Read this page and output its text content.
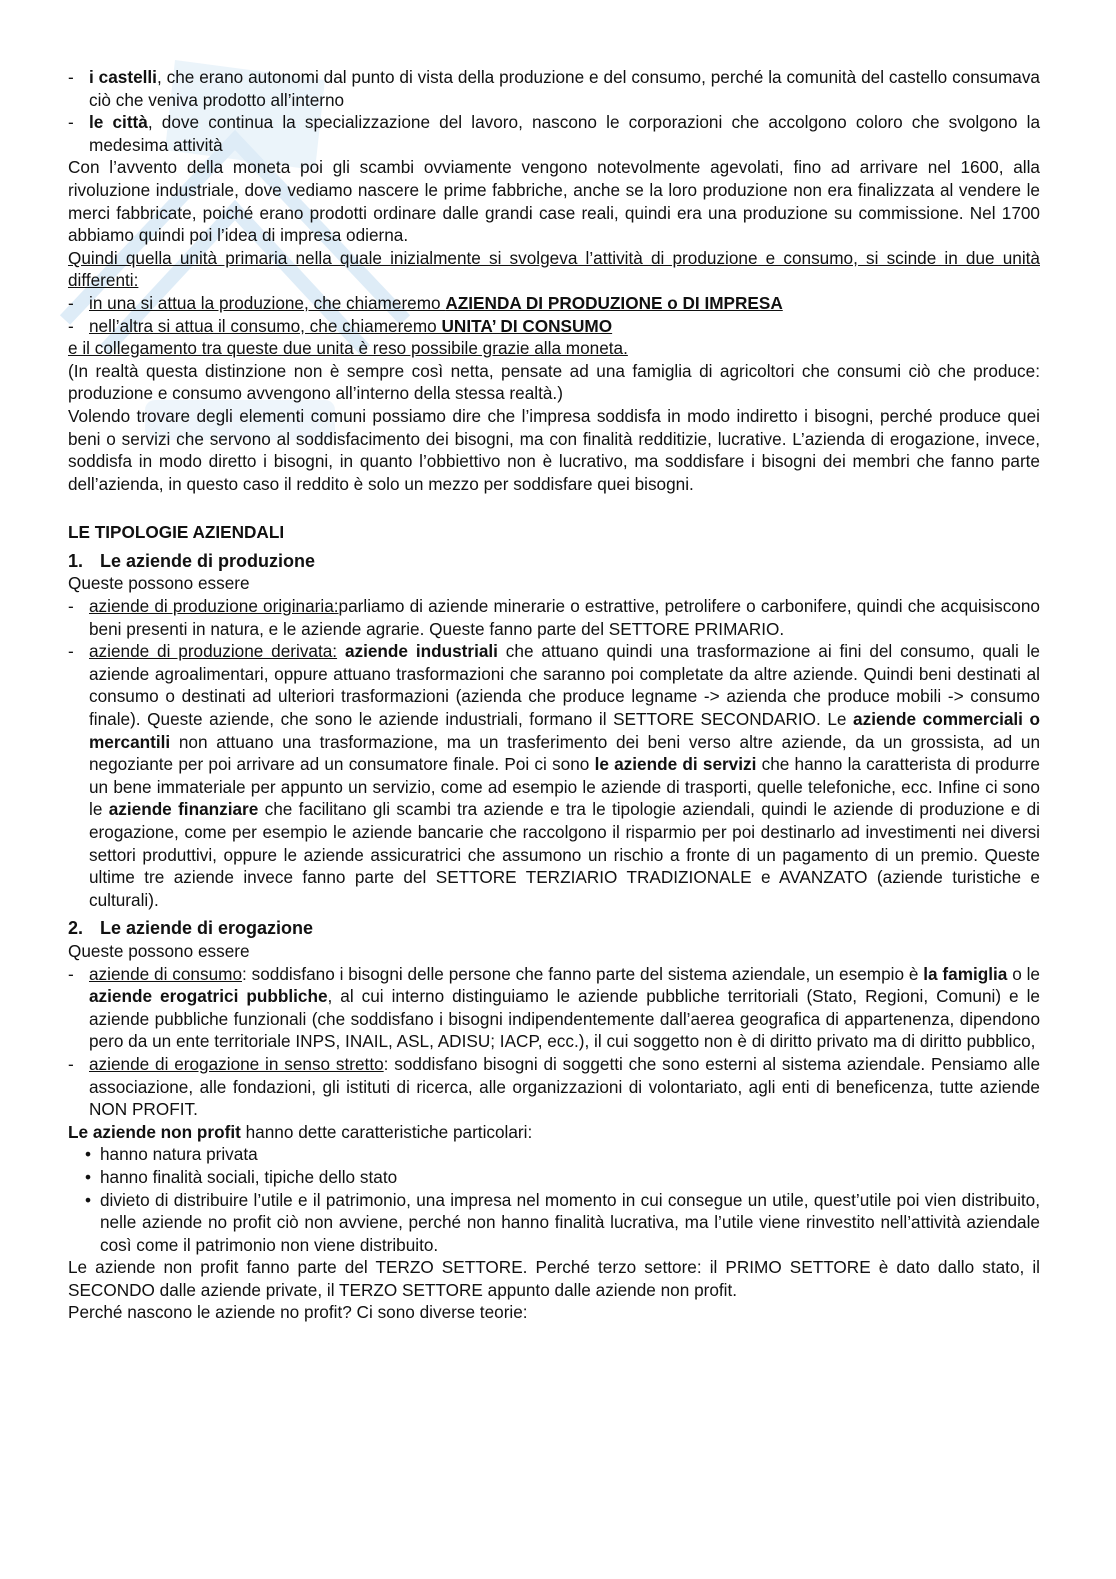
- i castelli, che erano autonomi dal punto di vista della produzione e del consumo, perché la comunità del castello consumava ciò che veniva prodotto all’interno

- le città, dove continua la specializzazione del lavoro, nascono le corporazioni che accolgono coloro che svolgono la medesima attività

Con l’avvento della moneta poi gli scambi ovviamente vengono notevolmente agevolati, fino ad arrivare nel 1600, alla rivoluzione industriale, dove vediamo nascere le prime fabbriche, anche se la loro produzione non era finalizzata al vendere le merci fabbricate, poiché erano prodotti ordinare dalle grandi case reali, quindi era una produzione su commissione. Nel 1700 abbiamo quindi poi l’idea di impresa odierna.

Quindi quella unità primaria nella quale inizialmente si svolgeva l’attività di produzione e consumo, si scinde in due unità differenti:

- in una si attua la produzione, che chiameremo AZIENDA DI PRODUZIONE o DI IMPRESA

- nell’altra si attua il consumo, che chiameremo UNITA’ DI CONSUMO

e il collegamento tra queste due unita è reso possibile grazie alla moneta.

(In realtà questa distinzione non è sempre così netta, pensate ad una famiglia di agricoltori che consumi ciò che produce: produzione e consumo avvengono all’interno della stessa realtà.)

Volendo trovare degli elementi comuni possiamo dire che l’impresa soddisfa in modo indiretto i bisogni, perché produce quei beni o servizi che servono al soddisfacimento dei bisogni, ma con finalità redditizie, lucrative. L’azienda di erogazione, invece, soddisfa in modo diretto i bisogni, in quanto l’obbiettivo non è lucrativo, ma soddisfare i bisogni dei membri che fanno parte dell’azienda, in questo caso il reddito è solo un mezzo per soddisfare quei bisogni.

LE TIPOLOGIE AZIENDALI

1. Le aziende di produzione

Queste possono essere

- aziende di produzione originaria:parliamo di aziende minerarie o estrattive, petrolifere o carbonifere, quindi che acquisiscono beni presenti in natura, e le aziende agrarie. Queste fanno parte del SETTORE PRIMARIO.

- aziende di produzione derivata: aziende industriali che attuano quindi una trasformazione ai fini del consumo, quali le aziende agroalimentari, oppure attuano trasformazioni che saranno poi completate da altre aziende. Quindi beni destinati al consumo o destinati ad ulteriori trasformazioni (azienda che produce legname -> azienda che produce mobili -> consumo finale). Queste aziende, che sono le aziende industriali, formano il SETTORE SECONDARIO. Le aziende commerciali o mercantili non attuano una trasformazione, ma un trasferimento dei beni verso altre aziende, da un grossista, ad un negoziante per poi arrivare ad un consumatore finale. Poi ci sono le aziende di servizi che hanno la caratterista di produrre un bene immateriale per appunto un servizio, come ad esempio le aziende di trasporti, quelle telefoniche, ecc. Infine ci sono le aziende finanziare che facilitano gli scambi tra aziende e tra le tipologie aziendali, quindi le aziende di produzione e di erogazione, come per esempio le aziende bancarie che raccolgono il risparmio per poi destinarlo ad investimenti nei diversi settori produttivi, oppure le aziende assicuratrici che assumono un rischio a fronte di un pagamento di un premio. Queste ultime tre aziende invece fanno parte del SETTORE TERZIARIO TRADIZIONALE e AVANZATO (aziende turistiche e culturali).

2. Le aziende di erogazione

Queste possono essere

- aziende di consumo: soddisfano i bisogni delle persone che fanno parte del sistema aziendale, un esempio è la famiglia o le aziende erogatrici pubbliche, al cui interno distinguiamo le aziende pubbliche territoriali (Stato, Regioni, Comuni) e le aziende pubbliche funzionali (che soddisfano i bisogni indipendentemente dall’aerea geografica di appartenenza, dipendono pero da un ente territoriale INPS, INAIL, ASL, ADISU; IACP, ecc.), il cui soggetto non è di diritto privato ma di diritto pubblico,

- aziende di erogazione in senso stretto: soddisfano bisogni di soggetti che sono esterni al sistema aziendale. Pensiamo alle associazione, alle fondazioni, gli istituti di ricerca, alle organizzazioni di volontariato, agli enti di beneficenza, tutte aziende NON PROFIT.

Le aziende non profit hanno dette caratteristiche particolari:

• hanno natura privata

• hanno finalità sociali, tipiche dello stato

• divieto di distribuire l’utile e il patrimonio, una impresa nel momento in cui consegue un utile, quest’utile poi vien distribuito, nelle aziende no profit ciò non avviene, perché non hanno finalità lucrativa, ma l’utile viene rinvestito nell’attività aziendale così come il patrimonio non viene distribuito.

Le aziende non profit fanno parte del TERZO SETTORE. Perché terzo settore: il PRIMO SETTORE è dato dallo stato, il SECONDO dalle aziende private, il TERZO SETTORE appunto dalle aziende non profit.

Perché nascono le aziende no profit? Ci sono diverse teorie:
